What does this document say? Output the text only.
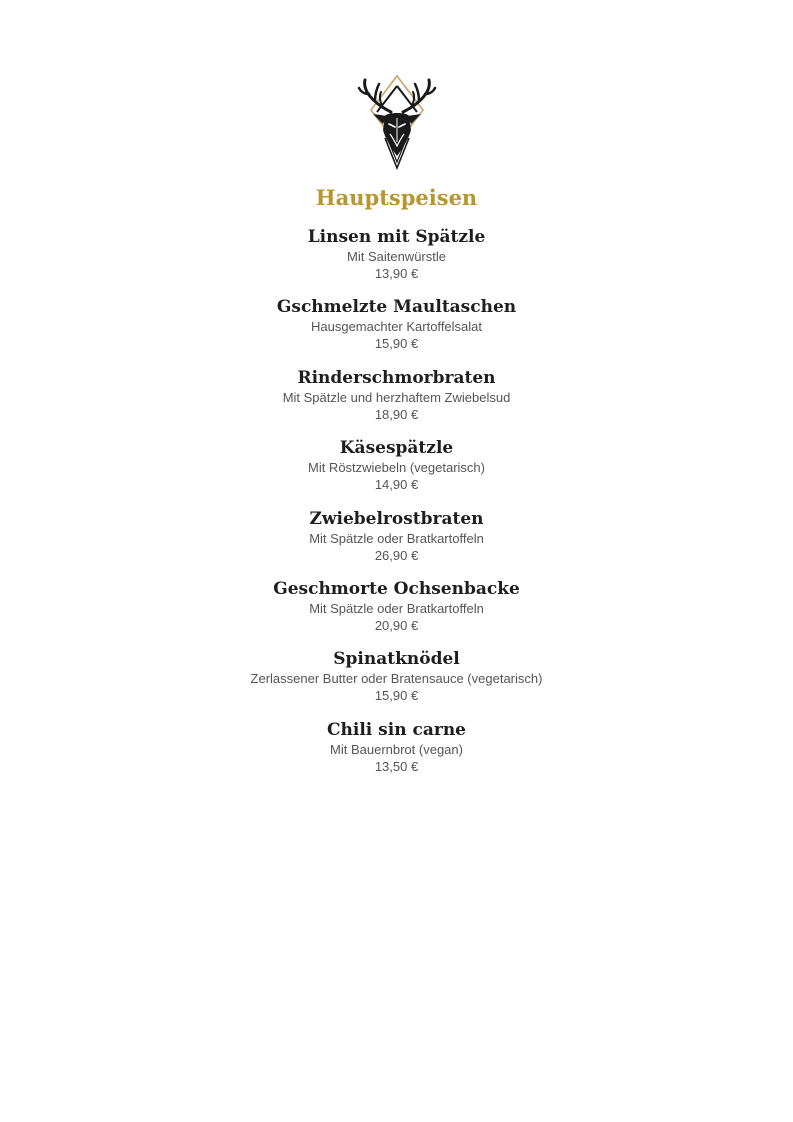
Hauptspeisen
Linsen mit Spätzle
Mit Saitenwürstle
13,90 €
Gschmelzte Maultaschen
Hausgemachter Kartoffelsalat
15,90 €
Rinderschmorbraten
Mit Spätzle und herzhaftem Zwiebelsud
18,90 €
Käsespätzle
Mit Röstzwiebeln (vegetarisch)
14,90 €
Zwiebelrostbraten
Mit Spätzle oder Bratkartoffeln
26,90 €
Geschmorte Ochsenbacke
Mit Spätzle oder Bratkartoffeln
20,90 €
Spinatknödel
Zerlassener Butter oder Bratensauce (vegetarisch)
15,90 €
Chili sin carne
Mit Bauernbrot (vegan)
13,50 €
